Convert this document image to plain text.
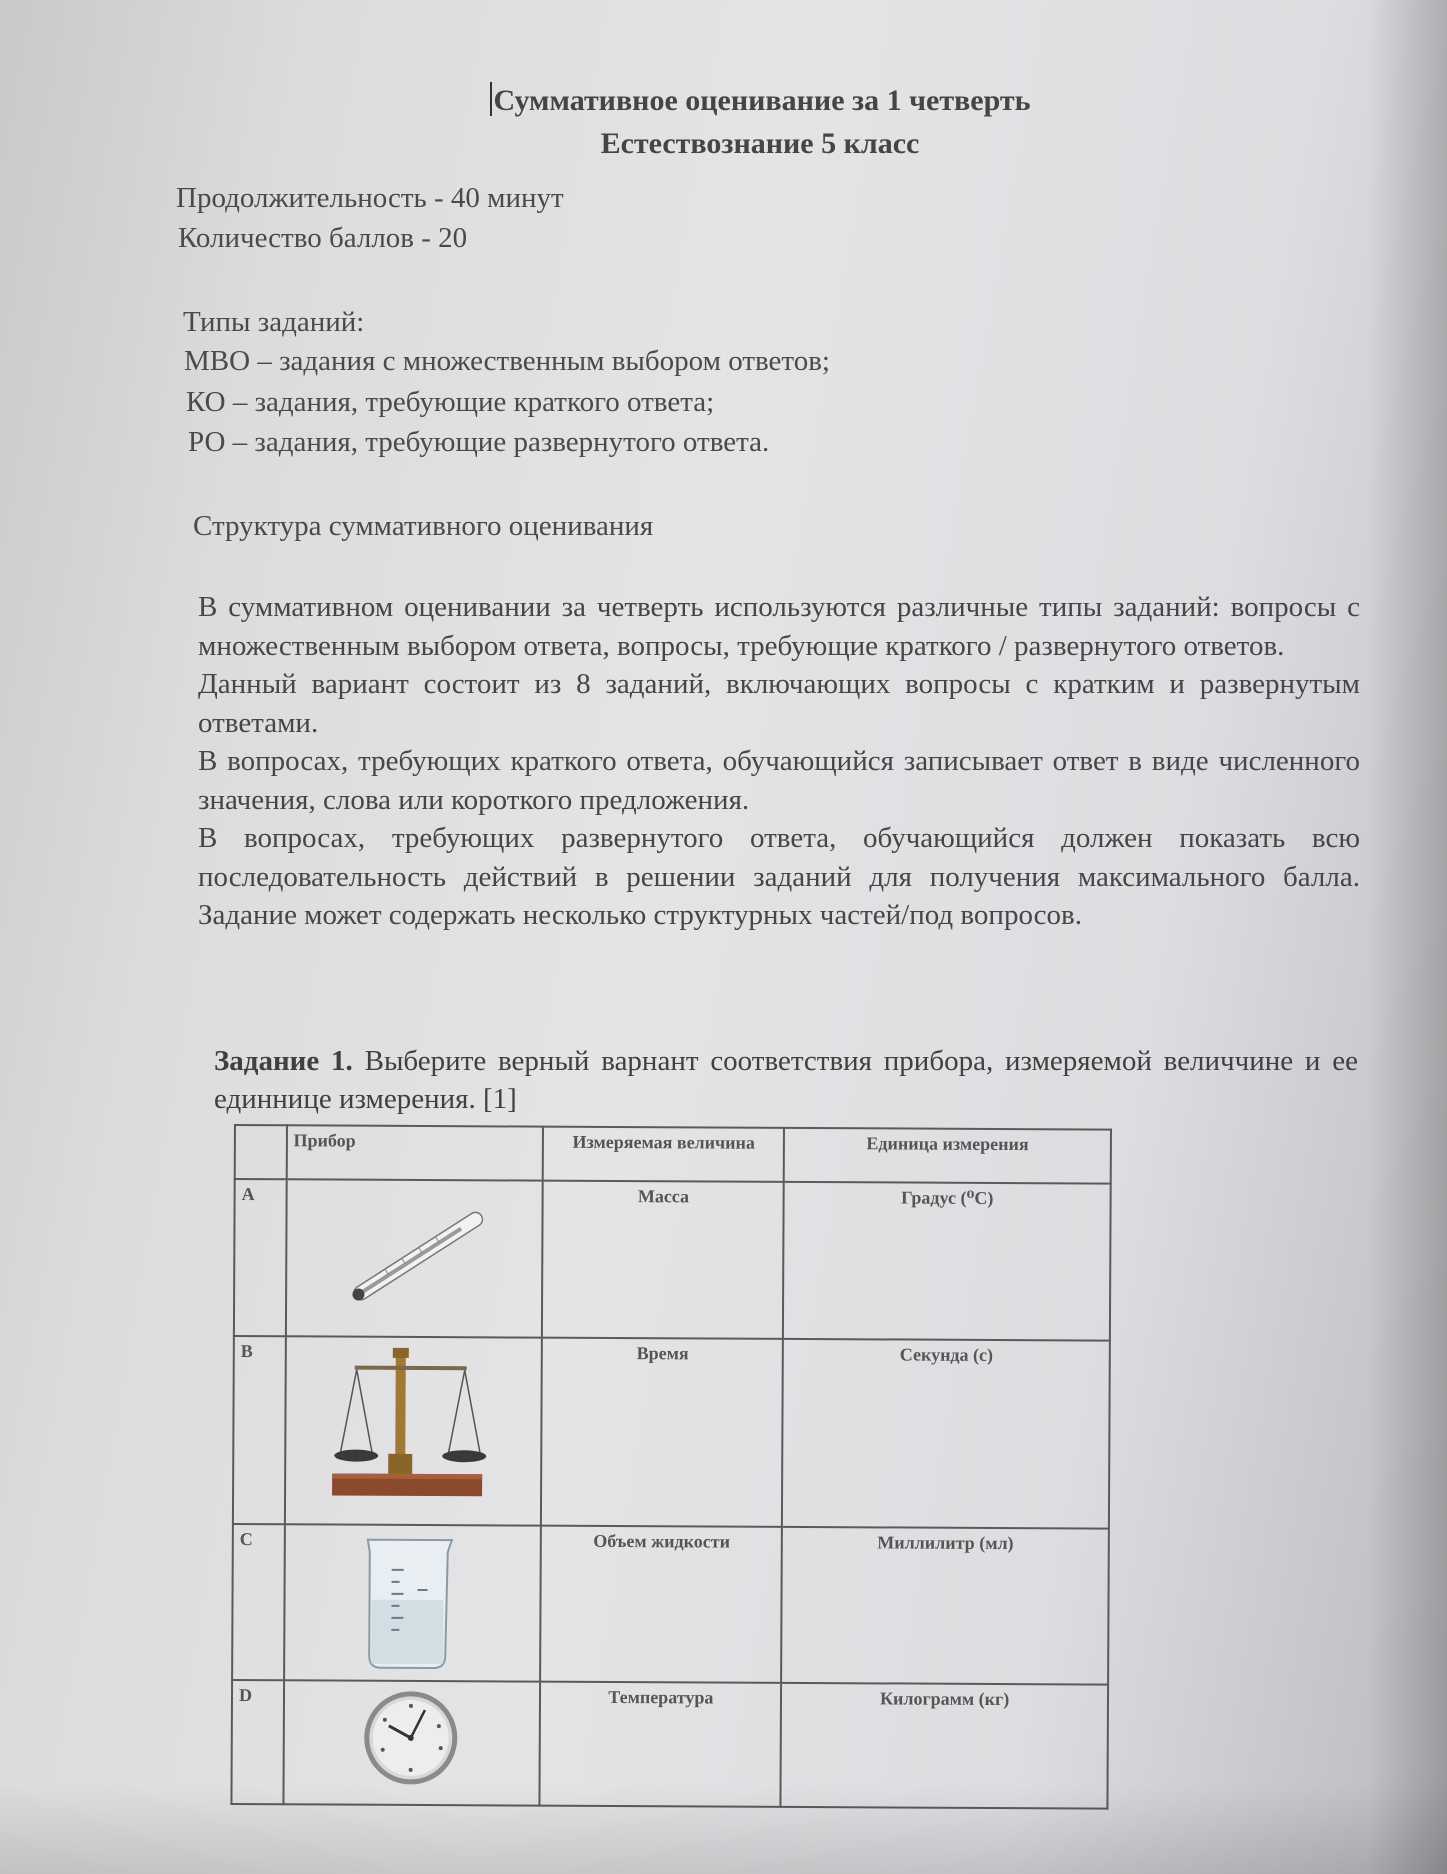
Суммативное оценивание за 1 четверть
Естествознание 5 класс
Продолжительность - 40 минут
Количество баллов - 20
Типы заданий:
МВО – задания с множественным выбором ответов;
КО – задания, требующие краткого ответа;
РО – задания, требующие развернутого ответа.
Структура суммативного оценивания

В суммативном оценивании за четверть используются различные типы заданий: вопросы с множественным выбором ответа, вопросы, требующие краткого / развернутого ответов.

Данный вариант состоит из 8 заданий, включающих вопросы с кратким и развернутым ответами.

В вопросах, требующих краткого ответа, обучающийся записывает ответ в виде численного значения, слова или короткого предложения.

В вопросах, требующих развернутого ответа, обучающийся должен показать всю последовательность действий в решении заданий для получения максимального балла. Задание может содержать несколько структурных частей/под вопросов.

Задание 1. Выберите верный варнант соответствия прибора, измеряемой величчине и ее единнице измерения. [1]
	Прибор	Измеряемая величина	Единица измерения
A		Масса	Градус (⁰С)
B		Время	Секунда (с)
C		Объем жидкости	Миллилитр (мл)
D		Температура	Килограмм (кг)
